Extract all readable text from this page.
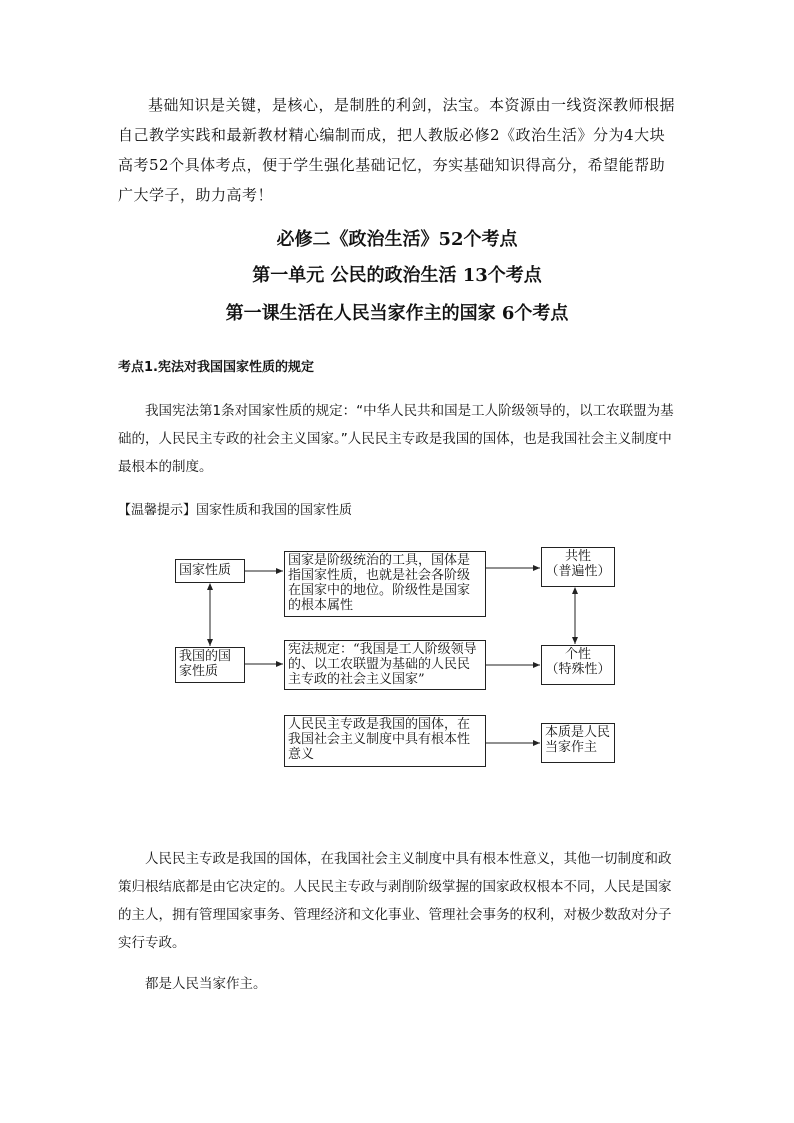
基础知识是关键，是核心，是制胜的利剑，法宝。本资源由一线资深教师根据自己教学实践和最新教材精心编制而成，把人教版必修2《政治生活》分为4大块高考52个具体考点，便于学生强化基础记忆，夯实基础知识得高分，希望能帮助广大学子，助力高考！

必修二《政治生活》52个考点
第一单元 公民的政治生活 13个考点
第一课生活在人民当家作主的国家 6个考点

考点1.宪法对我国国家性质的规定

我国宪法第1条对国家性质的规定：“中华人民共和国是工人阶级领导的，以工农联盟为基础的，人民民主专政的社会主义国家。”人民民主专政是我国的国体，也是我国社会主义制度中最根本的制度。

【温馨提示】国家性质和我国的国家性质

国家性质
我国的国家性质
国家是阶级统治的工具，国体是指国家性质，也就是社会各阶级在国家中的地位。阶级性是国家的根本属性
宪法规定：“我国是工人阶级领导的、以工农联盟为基础的人民民主专政的社会主义国家”
人民民主专政是我国的国体，在我国社会主义制度中具有根本性意义
共性
（普遍性）
个性
（特殊性）
本质是人民当家作主

人民民主专政是我国的国体，在我国社会主义制度中具有根本性意义，其他一切制度和政策归根结底都是由它决定的。人民民主专政与剥削阶级掌握的国家政权根本不同，人民是国家的主人，拥有管理国家事务、管理经济和文化事业、管理社会事务的权利，对极少数敌对分子实行专政。

都是人民当家作主。
